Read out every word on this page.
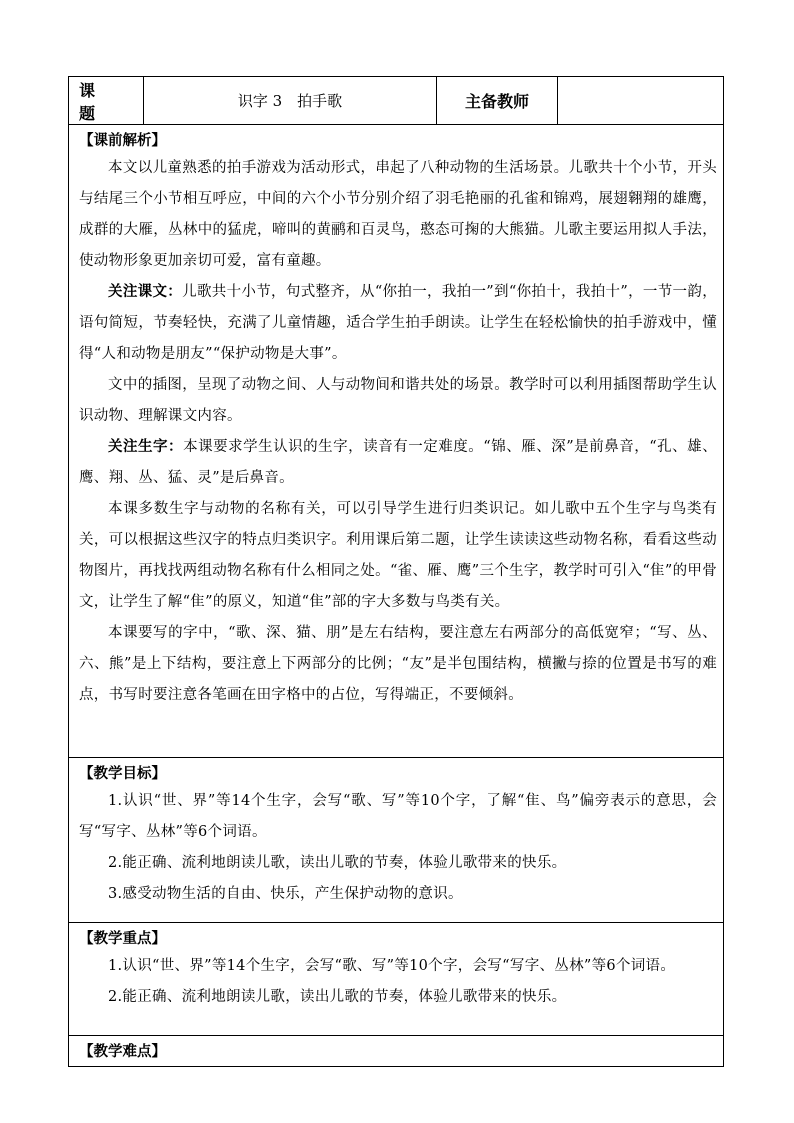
课　题
识字 3　拍手歌	主备教师

【课前解析】

本文以儿童熟悉的拍手游戏为活动形式，串起了八种动物的生活场景。儿歌共十个小节，开头与结尾三个小节相互呼应，中间的六个小节分别介绍了羽毛艳丽的孔雀和锦鸡，展翅翱翔的雄鹰，成群的大雁，丛林中的猛虎，啼叫的黄鹂和百灵鸟，憨态可掬的大熊猫。儿歌主要运用拟人手法，使动物形象更加亲切可爱，富有童趣。

关注课文：儿歌共十小节，句式整齐，从“你拍一，我拍一”到“你拍十，我拍十”，一节一韵，语句简短，节奏轻快，充满了儿童情趣，适合学生拍手朗读。让学生在轻松愉快的拍手游戏中，懂得“人和动物是朋友”“保护动物是大事”。

文中的插图，呈现了动物之间、人与动物间和谐共处的场景。教学时可以利用插图帮助学生认识动物、理解课文内容。

关注生字：本课要求学生认识的生字，读音有一定难度。“锦、雁、深”是前鼻音，“孔、雄、鹰、翔、丛、猛、灵”是后鼻音。

本课多数生字与动物的名称有关，可以引导学生进行归类识记。如儿歌中五个生字与鸟类有关，可以根据这些汉字的特点归类识字。利用课后第二题，让学生读读这些动物名称，看看这些动物图片，再找找两组动物名称有什么相同之处。“雀、雁、鹰”三个生字，教学时可引入“隹”的甲骨文，让学生了解“隹”的原义，知道“隹”部的字大多数与鸟类有关。

本课要写的字中，“歌、深、猫、朋”是左右结构，要注意左右两部分的高低宽窄；“写、丛、六、熊”是上下结构，要注意上下两部分的比例；“友”是半包围结构，横撇与捺的位置是书写的难点，书写时要注意各笔画在田字格中的占位，写得端正，不要倾斜。

【教学目标】

1.认识“世、界”等14个生字，会写“歌、写”等10个字，了解“隹、鸟”偏旁表示的意思，会写“写字、丛林”等6个词语。

2.能正确、流利地朗读儿歌，读出儿歌的节奏，体验儿歌带来的快乐。

3.感受动物生活的自由、快乐，产生保护动物的意识。

【教学重点】

1.认识“世、界”等14个生字，会写“歌、写”等10个字，会写“写字、丛林”等6个词语。

2.能正确、流利地朗读儿歌，读出儿歌的节奏，体验儿歌带来的快乐。

【教学难点】
